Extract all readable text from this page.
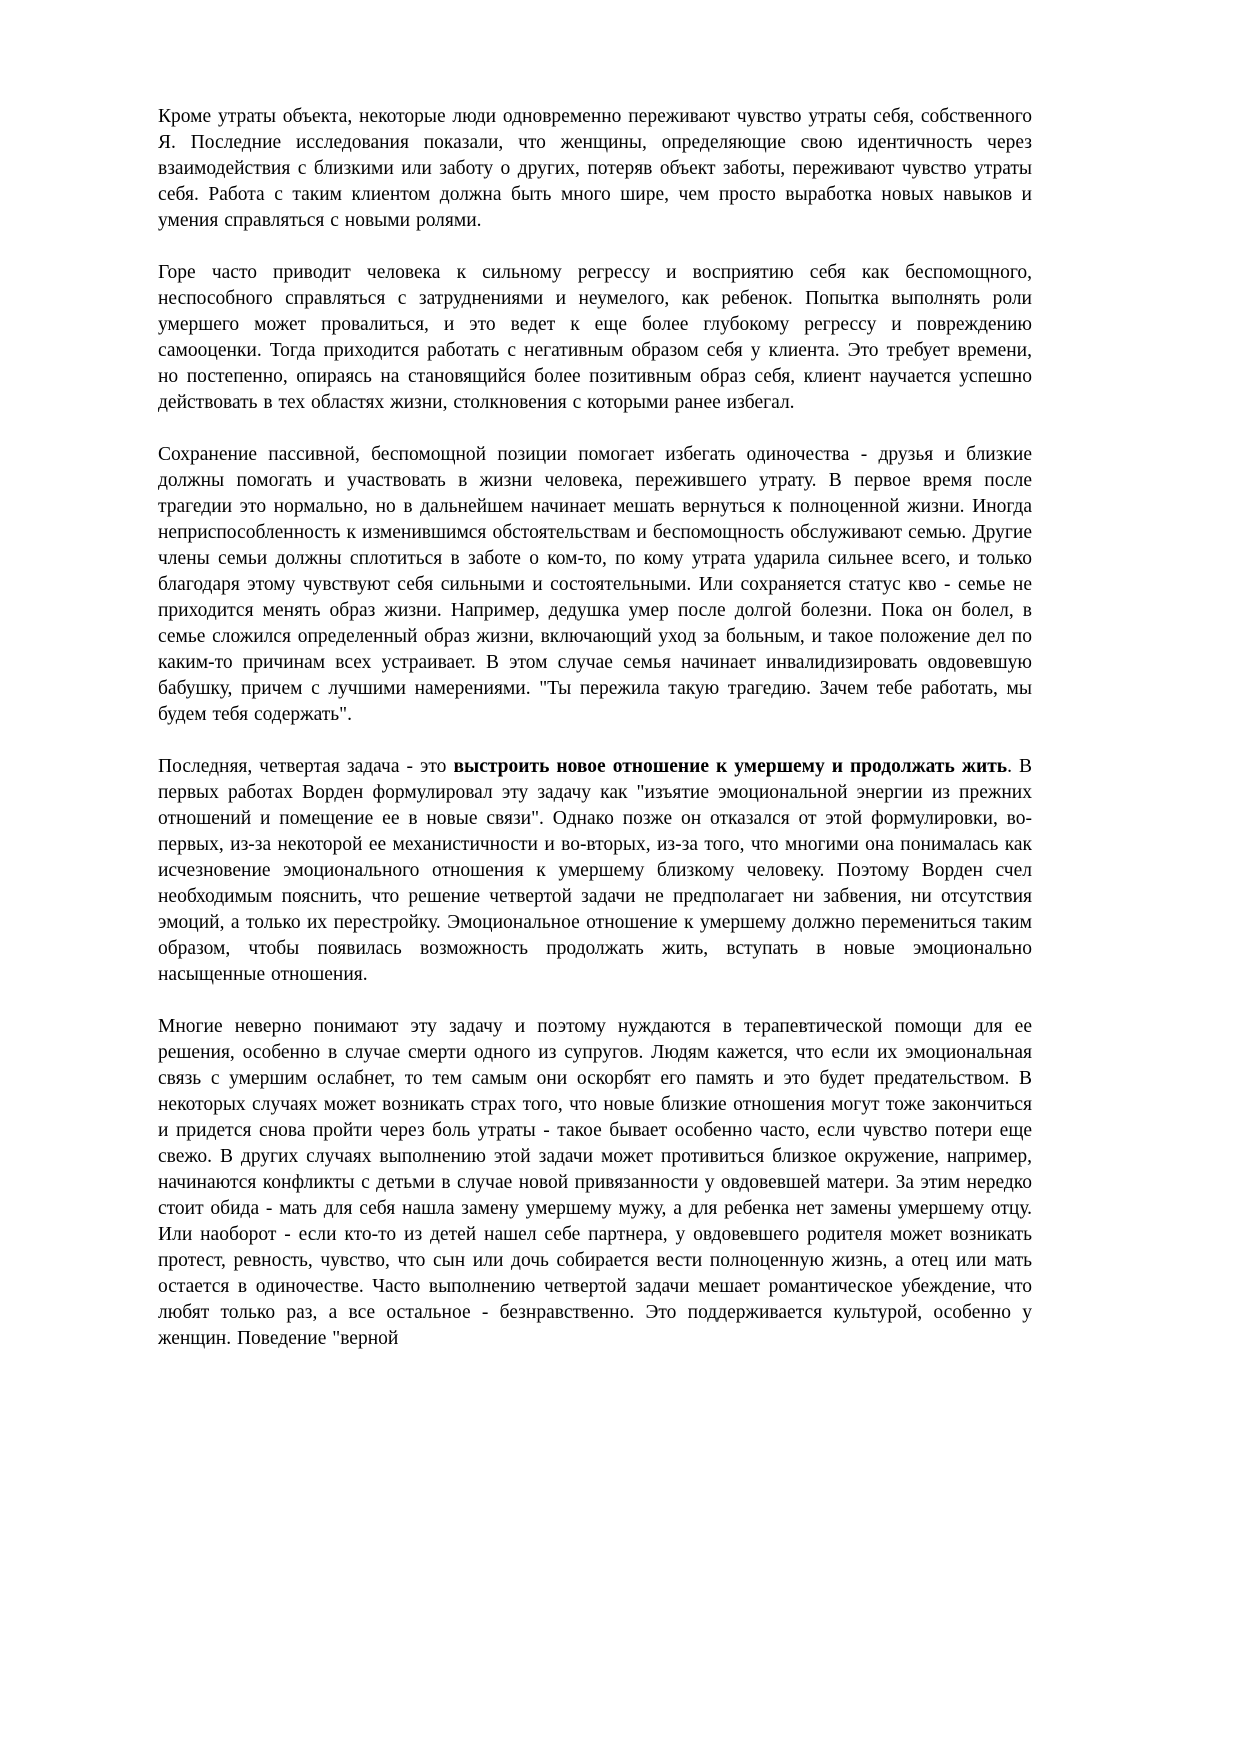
Кроме утраты объекта, некоторые люди одновременно переживают чувство утраты себя, собственного Я. Последние исследования показали, что женщины, определяющие свою идентичность через взаимодействия с близкими или заботу о других, потеряв объект заботы, переживают чувство утраты себя. Работа с таким клиентом должна быть много шире, чем просто выработка новых навыков и умения справляться с новыми ролями.

Горе часто приводит человека к сильному регрессу и восприятию себя как беспомощного, неспособного справляться с затруднениями и неумелого, как ребенок. Попытка выполнять роли умершего может провалиться, и это ведет к еще более глубокому регрессу и повреждению самооценки. Тогда приходится работать с негативным образом себя у клиента. Это требует времени, но постепенно, опираясь на становящийся более позитивным образ себя, клиент научается успешно действовать в тех областях жизни, столкновения с которыми ранее избегал.

Сохранение пассивной, беспомощной позиции помогает избегать одиночества - друзья и близкие должны помогать и участвовать в жизни человека, пережившего утрату. В первое время после трагедии это нормально, но в дальнейшем начинает мешать вернуться к полноценной жизни. Иногда неприспособленность к изменившимся обстоятельствам и беспомощность обслуживают семью. Другие члены семьи должны сплотиться в заботе о ком-то, по кому утрата ударила сильнее всего, и только благодаря этому чувствуют себя сильными и состоятельными. Или сохраняется статус кво - семье не приходится менять образ жизни. Например, дедушка умер после долгой болезни. Пока он болел, в семье сложился определенный образ жизни, включающий уход за больным, и такое положение дел по каким-то причинам всех устраивает. В этом случае семья начинает инвалидизировать овдовевшую бабушку, причем с лучшими намерениями. "Ты пережила такую трагедию. Зачем тебе работать, мы будем тебя содержать".

Последняя, четвертая задача - это выстроить новое отношение к умершему и продолжать жить. В первых работах Ворден формулировал эту задачу как "изъятие эмоциональной энергии из прежних отношений и помещение ее в новые связи". Однако позже он отказался от этой формулировки, во-первых, из-за некоторой ее механистичности и во-вторых, из-за того, что многими она понималась как исчезновение эмоционального отношения к умершему близкому человеку. Поэтому Ворден счел необходимым пояснить, что решение четвертой задачи не предполагает ни забвения, ни отсутствия эмоций, а только их перестройку. Эмоциональное отношение к умершему должно перемениться таким образом, чтобы появилась возможность продолжать жить, вступать в новые эмоционально насыщенные отношения.

Многие неверно понимают эту задачу и поэтому нуждаются в терапевтической помощи для ее решения, особенно в случае смерти одного из супругов. Людям кажется, что если их эмоциональная связь с умершим ослабнет, то тем самым они оскорбят его память и это будет предательством. В некоторых случаях может возникать страх того, что новые близкие отношения могут тоже закончиться и придется снова пройти через боль утраты - такое бывает особенно часто, если чувство потери еще свежо. В других случаях выполнению этой задачи может противиться близкое окружение, например, начинаются конфликты с детьми в случае новой привязанности у овдовевшей матери. За этим нередко стоит обида - мать для себя нашла замену умершему мужу, а для ребенка нет замены умершему отцу. Или наоборот - если кто-то из детей нашел себе партнера, у овдовевшего родителя может возникать протест, ревность, чувство, что сын или дочь собирается вести полноценную жизнь, а отец или мать остается в одиночестве. Часто выполнению четвертой задачи мешает романтическое убеждение, что любят только раз, а все остальное - безнравственно. Это поддерживается культурой, особенно у женщин. Поведение "верной
